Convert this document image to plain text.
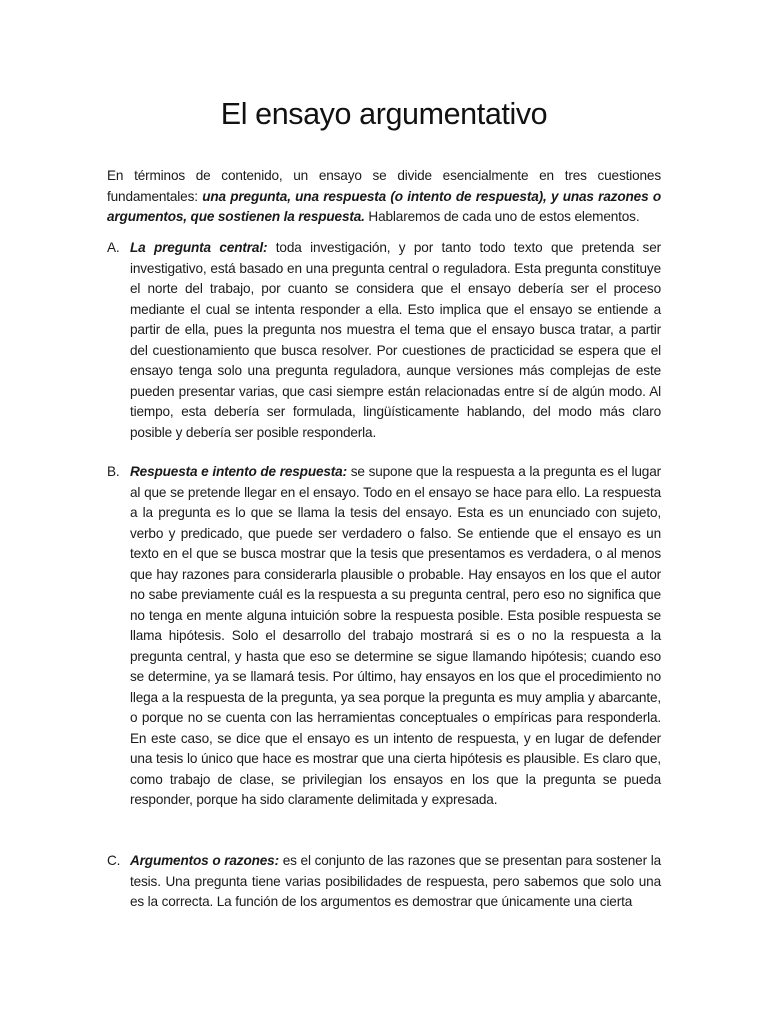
El ensayo argumentativo

En términos de contenido, un ensayo se divide esencialmente en tres cuestiones fundamentales: una pregunta, una respuesta (o intento de respuesta), y unas razones o argumentos, que sostienen la respuesta. Hablaremos de cada uno de estos elementos.

A. La pregunta central: toda investigación, y por tanto todo texto que pretenda ser investigativo, está basado en una pregunta central o reguladora. Esta pregunta constituye el norte del trabajo, por cuanto se considera que el ensayo debería ser el proceso mediante el cual se intenta responder a ella. Esto implica que el ensayo se entiende a partir de ella, pues la pregunta nos muestra el tema que el ensayo busca tratar, a partir del cuestionamiento que busca resolver. Por cuestiones de practicidad se espera que el ensayo tenga solo una pregunta reguladora, aunque versiones más complejas de este pueden presentar varias, que casi siempre están relacionadas entre sí de algún modo. Al tiempo, esta debería ser formulada, lingüísticamente hablando, del modo más claro posible y debería ser posible responderla.
B. Respuesta e intento de respuesta: se supone que la respuesta a la pregunta es el lugar al que se pretende llegar en el ensayo. Todo en el ensayo se hace para ello. La respuesta a la pregunta es lo que se llama la tesis del ensayo. Esta es un enunciado con sujeto, verbo y predicado, que puede ser verdadero o falso. Se entiende que el ensayo es un texto en el que se busca mostrar que la tesis que presentamos es verdadera, o al menos que hay razones para considerarla plausible o probable. Hay ensayos en los que el autor no sabe previamente cuál es la respuesta a su pregunta central, pero eso no significa que no tenga en mente alguna intuición sobre la respuesta posible. Esta posible respuesta se llama hipótesis. Solo el desarrollo del trabajo mostrará si es o no la respuesta a la pregunta central, y hasta que eso se determine se sigue llamando hipótesis; cuando eso se determine, ya se llamará tesis. Por último, hay ensayos en los que el procedimiento no llega a la respuesta de la pregunta, ya sea porque la pregunta es muy amplia y abarcante, o porque no se cuenta con las herramientas conceptuales o empíricas para responderla. En este caso, se dice que el ensayo es un intento de respuesta, y en lugar de defender una tesis lo único que hace es mostrar que una cierta hipótesis es plausible. Es claro que, como trabajo de clase, se privilegian los ensayos en los que la pregunta se pueda responder, porque ha sido claramente delimitada y expresada.
C. Argumentos o razones: es el conjunto de las razones que se presentan para sostener la tesis. Una pregunta tiene varias posibilidades de respuesta, pero sabemos que solo una es la correcta. La función de los argumentos es demostrar que únicamente una cierta
